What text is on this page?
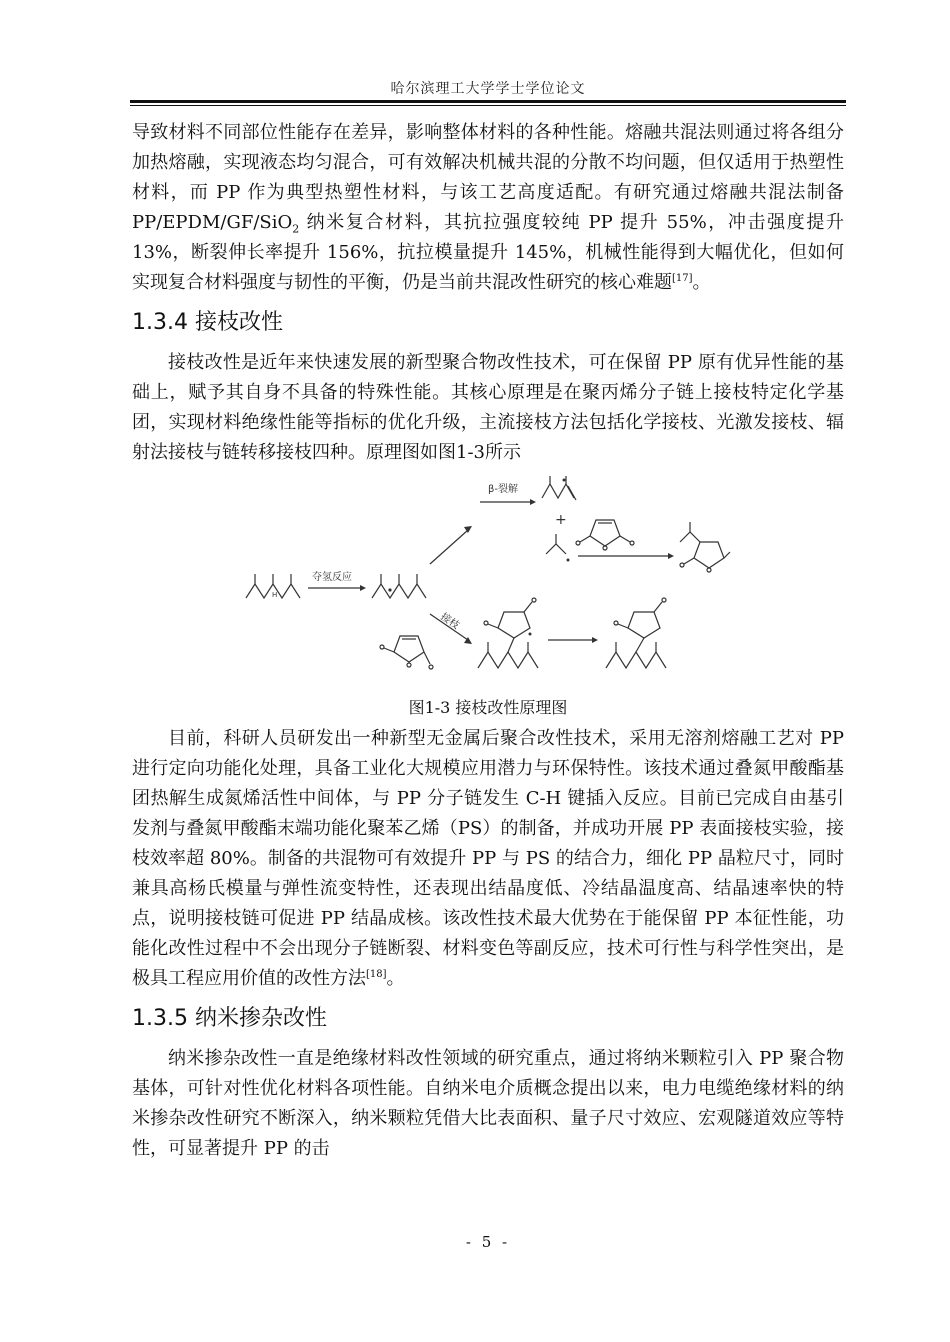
哈尔滨理工大学学士学位论文

导致材料不同部位性能存在差异，影响整体材料的各种性能。熔融共混法则通过将各组分加热熔融，实现液态均匀混合，可有效解决机械共混的分散不均问题，但仅适用于热塑性材料，而 PP 作为典型热塑性材料，与该工艺高度适配。有研究通过熔融共混法制备 PP/EPDM/GF/SiO$_2$ 纳米复合材料，其抗拉强度较纯 PP 提升 55%，冲击强度提升 13%，断裂伸长率提升 156%，抗拉模量提升 145%，机械性能得到大幅优化，但如何实现复合材料强度与韧性的平衡，仍是当前共混改性研究的核心难题[17]。

1.3.4 接枝改性

接枝改性是近年来快速发展的新型聚合物改性技术，可在保留 PP 原有优异性能的基础上，赋予其自身不具备的特殊性能。其核心原理是在聚丙烯分子链上接枝特定化学基团，实现材料绝缘性能等指标的优化升级，主流接枝方法包括化学接枝、光激发接枝、辐射法接枝与链转移接枝四种。原理图如图1-3所示

H
夺氢反应
β-裂解
+
接枝
图1-3 接枝改性原理图

目前，科研人员研发出一种新型无金属后聚合改性技术，采用无溶剂熔融工艺对 PP 进行定向功能化处理，具备工业化大规模应用潜力与环保特性。该技术通过叠氮甲酸酯基团热解生成氮烯活性中间体，与 PP 分子链发生 C-H 键插入反应。目前已完成自由基引发剂与叠氮甲酸酯末端功能化聚苯乙烯（PS）的制备，并成功开展 PP 表面接枝实验，接枝效率超 80%。制备的共混物可有效提升 PP 与 PS 的结合力，细化 PP 晶粒尺寸，同时兼具高杨氏模量与弹性流变特性，还表现出结晶度低、冷结晶温度高、结晶速率快的特点，说明接枝链可促进 PP 结晶成核。该改性技术最大优势在于能保留 PP 本征性能，功能化改性过程中不会出现分子链断裂、材料变色等副反应，技术可行性与科学性突出，是极具工程应用价值的改性方法[18]。

1.3.5 纳米掺杂改性

纳米掺杂改性一直是绝缘材料改性领域的研究重点，通过将纳米颗粒引入 PP 聚合物基体，可针对性优化材料各项性能。自纳米电介质概念提出以来，电力电缆绝缘材料的纳米掺杂改性研究不断深入，纳米颗粒凭借大比表面积、量子尺寸效应、宏观隧道效应等特性，可显著提升 PP 的击

- 5 -
